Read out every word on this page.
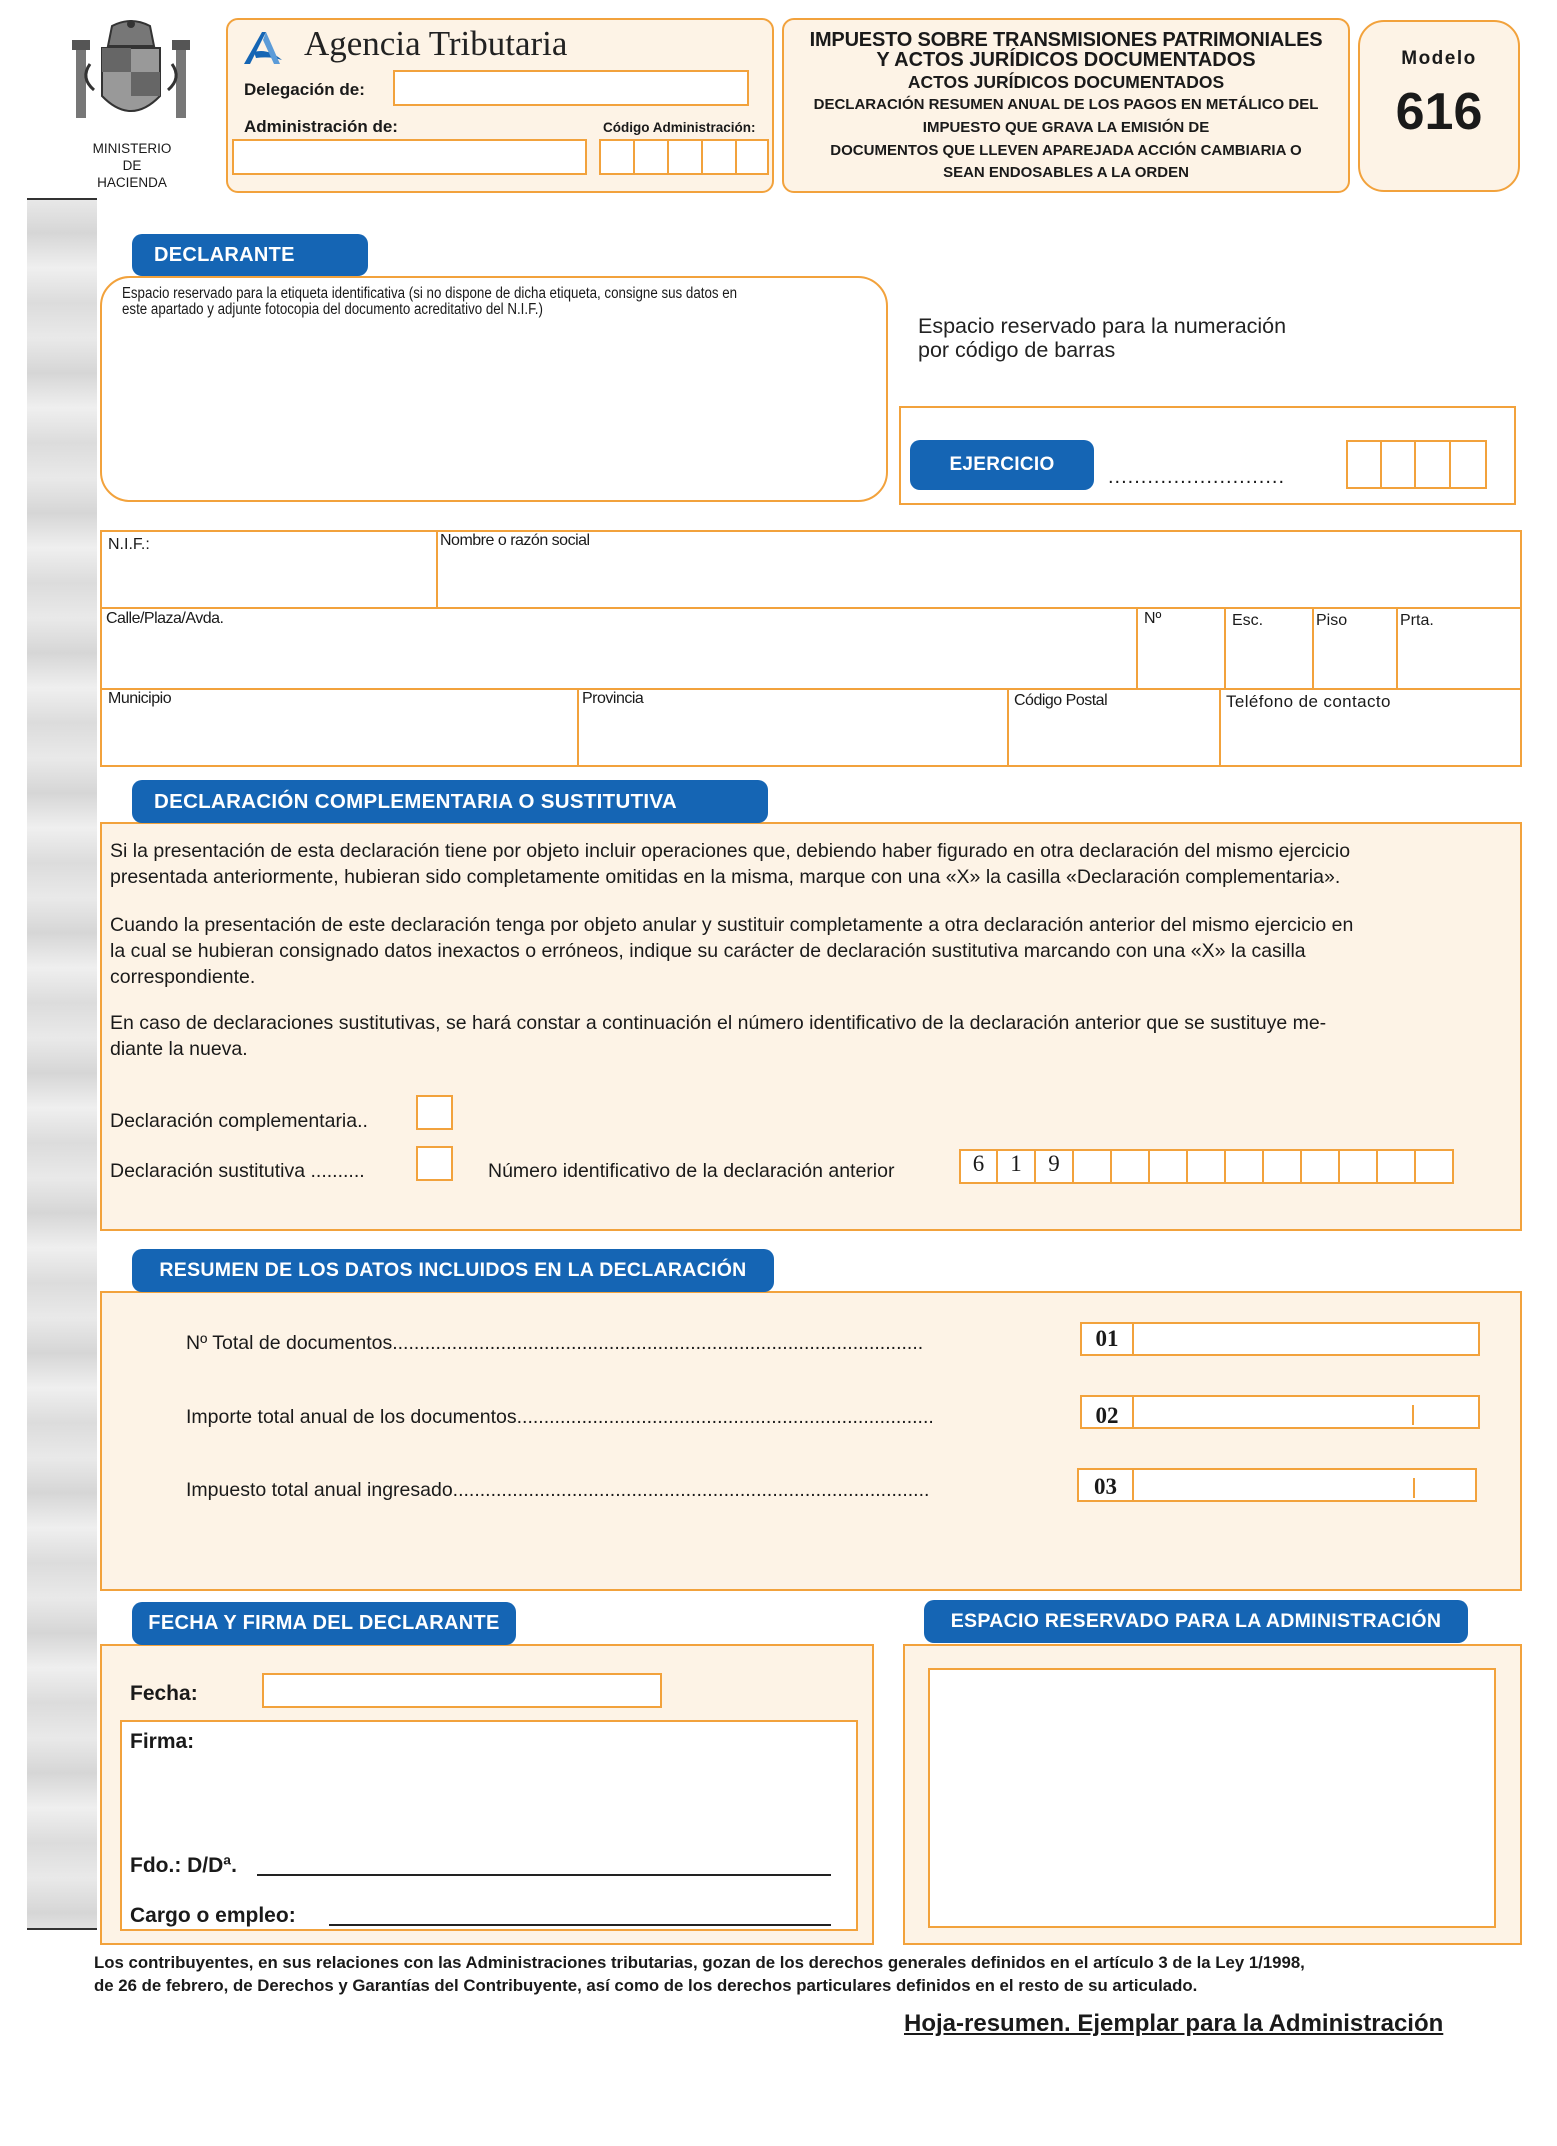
MINISTERIO
DE
HACIENDA
Agencia Tributaria
Delegación de:
Administración de:	Código Administración:
IMPUESTO SOBRE TRANSMISIONES PATRIMONIALES
Y ACTOS JURÍDICOS DOCUMENTADOS
ACTOS JURÍDICOS DOCUMENTADOS
DECLARACIÓN RESUMEN ANUAL DE LOS PAGOS EN METÁLICO DEL
IMPUESTO QUE GRAVA LA EMISIÓN DE
DOCUMENTOS QUE LLEVEN APAREJADA ACCIÓN CAMBIARIA O
SEAN ENDOSABLES A LA ORDEN
Modelo
616
DECLARANTE
Espacio reservado para la etiqueta identificativa (si no dispone de dicha etiqueta, consigne sus datos en
este apartado y adjunte fotocopia del documento acreditativo del N.I.F.)
Espacio reservado para la numeración
por código de barras
EJERCICIO
...........................
N.I.F.:	Nombre o razón social
Calle/Plaza/Avda.	Nº	Esc.	Piso	Prta.
Municipio	Provincia	Código Postal	Teléfono de contacto
Si la presentación de esta declaración tiene por objeto incluir operaciones que, debiendo haber figurado en otra declaración del mismo ejercicio
presentada anteriormente, hubieran sido completamente omitidas en la misma, marque con una «X» la casilla «Declaración complementaria».
Cuando la presentación de este declaración tenga por objeto anular y sustituir completamente a otra declaración anterior del mismo ejercicio en
la cual se hubieran consignado datos inexactos o erróneos, indique su carácter de declaración sustitutiva marcando con una «X» la casilla
correspondiente.
En caso de declaraciones sustitutivas, se hará constar a continuación el número identificativo de la declaración anterior que se sustituye me-
diante la nueva.
Declaración complementaria..
Declaración sustitutiva ..........	Número identificativo de la declaración anterior	6	1	9
DECLARACIÓN COMPLEMENTARIA O SUSTITUTIVA
RESUMEN DE LOS DATOS INCLUIDOS EN LA DECLARACIÓN
Nº Total de documentos..................................................................................................	01
Importe total anual de los documentos.............................................................................	02
Impuesto total anual ingresado........................................................................................	03
FECHA Y FIRMA DEL DECLARANTE
Fecha:
Firma:
Fdo.: D/Dª.
Cargo o empleo:
ESPACIO RESERVADO PARA LA ADMINISTRACIÓN
Los contribuyentes, en sus relaciones con las Administraciones tributarias, gozan de los derechos generales definidos en el artículo 3 de la Ley 1/1998,
de 26 de febrero, de Derechos y Garantías del Contribuyente, así como de los derechos particulares definidos en el resto de su articulado.
Hoja-resumen. Ejemplar para la Administración
